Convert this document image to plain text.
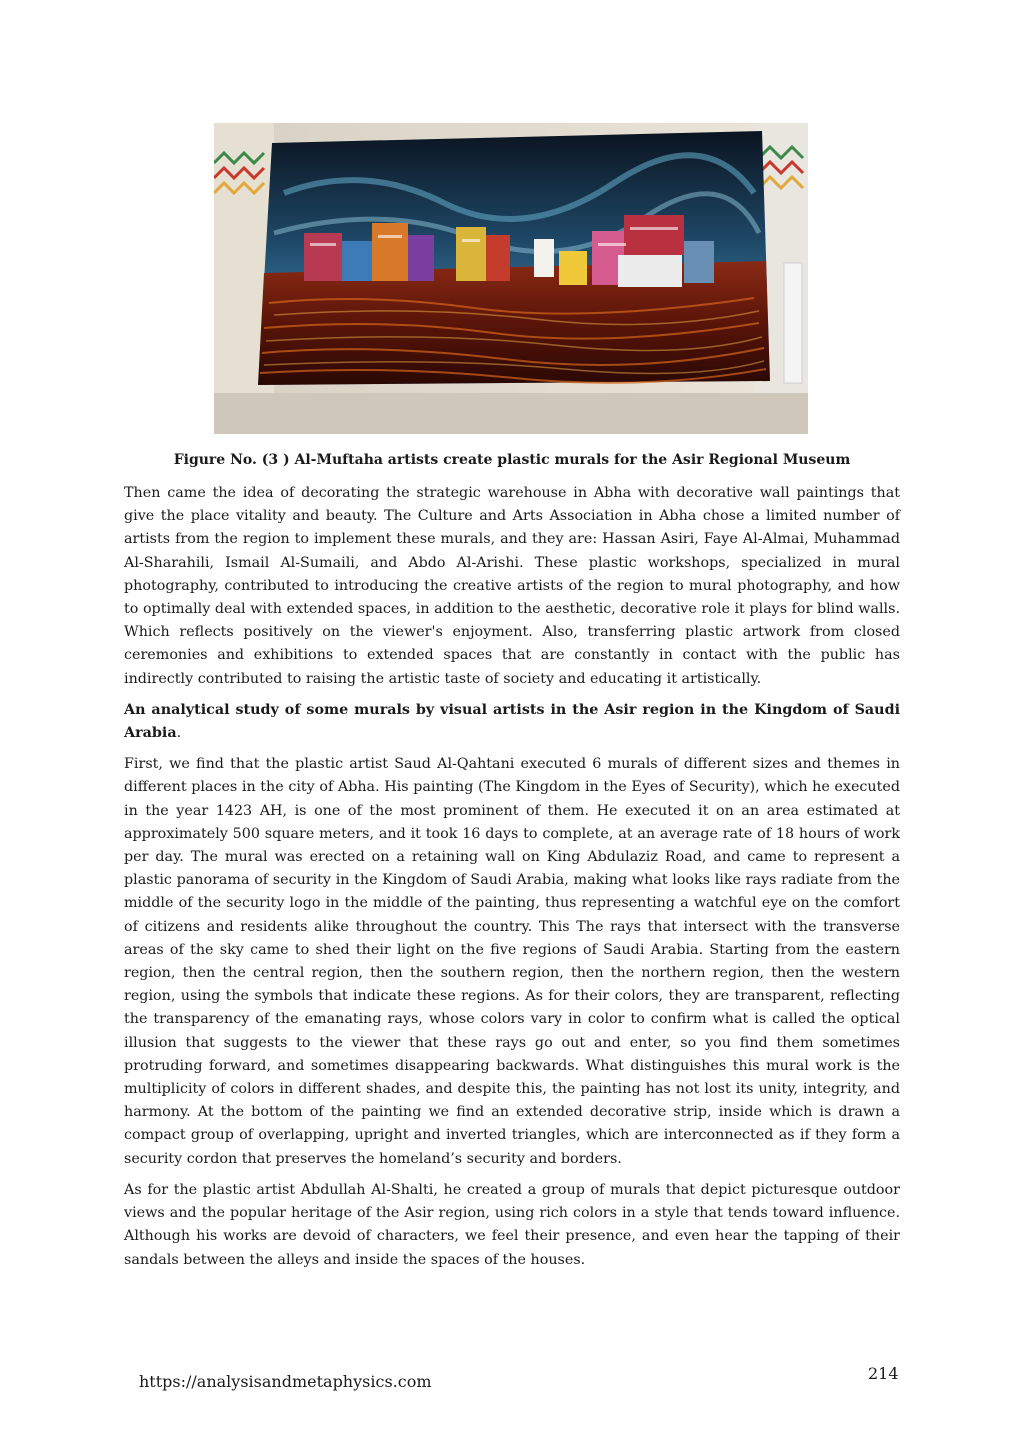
Figure No. (3 ) Al-Muftaha artists create plastic murals for the Asir Regional Museum

Then came the idea of decorating the strategic warehouse in Abha with decorative wall paintings that give the place vitality and beauty. The Culture and Arts Association in Abha chose a limited number of artists from the region to implement these murals, and they are: Hassan Asiri, Faye Al-Almai, Muhammad Al-Sharahili, Ismail Al-Sumaili, and Abdo Al-Arishi. These plastic workshops, specialized in mural photography, contributed to introducing the creative artists of the region to mural photography, and how to optimally deal with extended spaces, in addition to the aesthetic, decorative role it plays for blind walls. Which reflects positively on the viewer's enjoyment. Also, transferring plastic artwork from closed ceremonies and exhibitions to extended spaces that are constantly in contact with the public has indirectly contributed to raising the artistic taste of society and educating it artistically.

An analytical study of some murals by visual artists in the Asir region in the Kingdom of Saudi Arabia.

First, we find that the plastic artist Saud Al-Qahtani executed 6 murals of different sizes and themes in different places in the city of Abha. His painting (The Kingdom in the Eyes of Security), which he executed in the year 1423 AH, is one of the most prominent of them. He executed it on an area estimated at approximately 500 square meters, and it took 16 days to complete, at an average rate of 18 hours of work per day. The mural was erected on a retaining wall on King Abdulaziz Road, and came to represent a plastic panorama of security in the Kingdom of Saudi Arabia, making what looks like rays radiate from the middle of the security logo in the middle of the painting, thus representing a watchful eye on the comfort of citizens and residents alike throughout the country. This The rays that intersect with the transverse areas of the sky came to shed their light on the five regions of Saudi Arabia. Starting from the eastern region, then the central region, then the southern region, then the northern region, then the western region, using the symbols that indicate these regions. As for their colors, they are transparent, reflecting the transparency of the emanating rays, whose colors vary in color to confirm what is called the optical illusion that suggests to the viewer that these rays go out and enter, so you find them sometimes protruding forward, and sometimes disappearing backwards. What distinguishes this mural work is the multiplicity of colors in different shades, and despite this, the painting has not lost its unity, integrity, and harmony. At the bottom of the painting we find an extended decorative strip, inside which is drawn a compact group of overlapping, upright and inverted triangles, which are interconnected as if they form a security cordon that preserves the homeland’s security and borders.

As for the plastic artist Abdullah Al-Shalti, he created a group of murals that depict picturesque outdoor views and the popular heritage of the Asir region, using rich colors in a style that tends toward influence. Although his works are devoid of characters, we feel their presence, and even hear the tapping of their sandals between the alleys and inside the spaces of the houses.

https://analysisandmetaphysics.com	214
